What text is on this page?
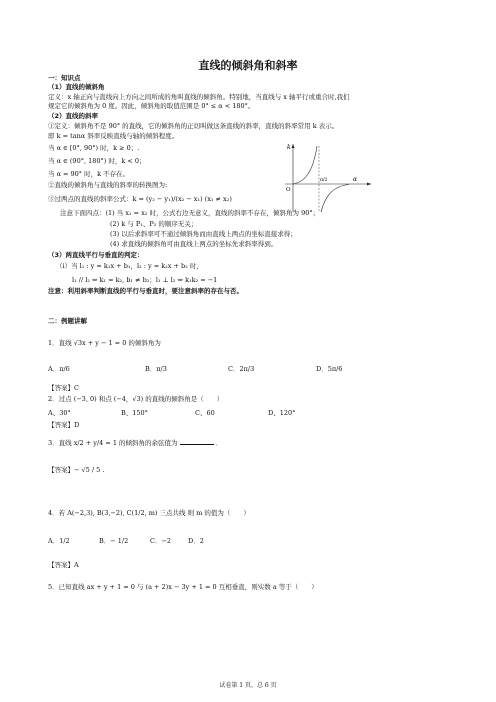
直线的倾斜角和斜率
一：知识点
（1）直线的倾斜角
定义：x 轴正向与直线向上方向之间所成的角叫直线的倾斜角。特别地，当直线与 x 轴平行或重合时,我们
规定它的倾斜角为 0 度。因此，倾斜角的取值范围是 0° ≤ α < 180°。
（2）直线的斜率
①定义：倾斜角不是 90° 的直线，它的倾斜角的正切叫做这条直线的斜率，直线的斜率常用 k 表示。
即 k = tanα 斜率反映直线与轴的倾斜程度。
当 α ∈ [0°, 90°) 时，k ≥ 0；.
当 α ∈ (90°, 180°) 时，k < 0；
当 α = 90° 时，k 不存在。
②直线的倾斜角与直线的斜率的转换图为:
③过两点的直线的斜率公式：k = (y₂ − y₁)/(x₂ − x₁) (x₁ ≠ x₂)
k
α
O
π/2
注意下面四点：(1) 当 x₁ = x₂ 时，公式右边无意义，直线的斜率不存在，倾斜角为 90°；
(2) k 与 P₁、P₂ 的顺序无关；
(3) 以后求斜率可不通过倾斜角而由直线上两点的坐标直接求得；
(4) 求直线的倾斜角可由直线上两点的坐标先求斜率得到。
（3）两直线平行与垂直的判定：
（ⅰ）当 l₁ : y = k₁x + b₁，l₂ : y = k₂x + b₂ 时，
l₁ // l₂ ⇔ k₁ = k₂, b₁ ≠ b₂；l₁ ⊥ l₂ ⇔ k₁k₂ = −1
注意：利用斜率判断直线的平行与垂直时，要注意斜率的存在与否。
二：例题讲解
1．直线 √3x + y − 1 = 0 的倾斜角为
A．π/6	B．π/3	C．2π/3	D．5π/6
【答案】C
2．过点 (−3, 0) 和点 (−4，√3) 的直线的倾斜角是（　　）
A、30°	B、150°	C、60	D、120°
【答案】D
3．直线 x/2 + y/4 = 1 的倾斜角的余弦值为	．
【答案】− √5 / 5 .
4．若 A(−2,3), B(3,−2), C(1/2, m) 三点共线 则 m 的值为（　　）
A．1/2	B．− 1/2	C．−2	D．2
【答案】A
5．已知直线 ax + y + 1 = 0 与 (a + 2)x − 3y + 1 = 0 互相垂直，则实数 a 等于（　　）
试卷第 1 页，总 6 页
